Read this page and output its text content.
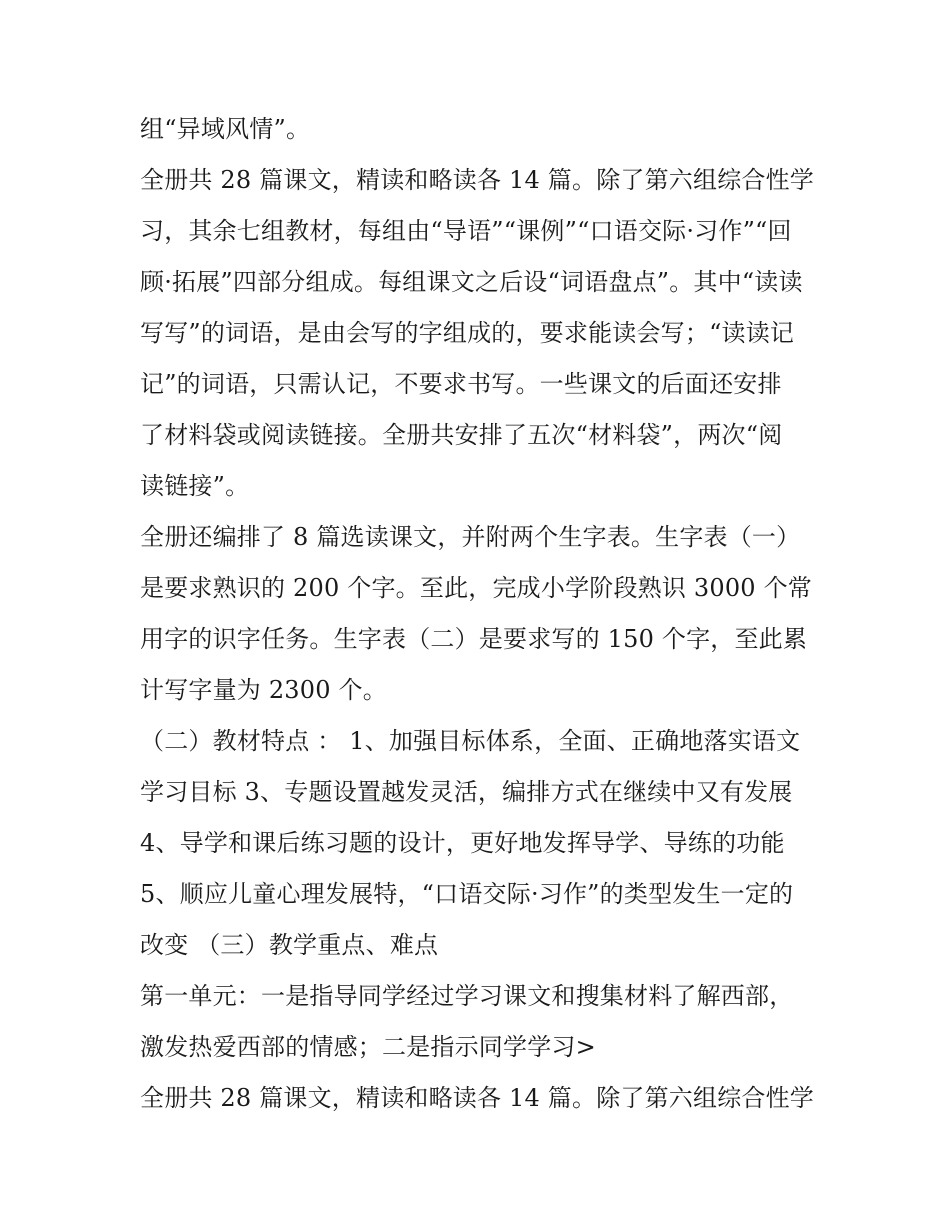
组“异域风情”。
全册共 28 篇课文，精读和略读各 14 篇。除了第六组综合性学
习，其余七组教材，每组由“导语”“课例”“口语交际·习作”“回
顾·拓展”四部分组成。每组课文之后设“词语盘点”。其中“读读
写写”的词语，是由会写的字组成的，要求能读会写；“读读记
记”的词语，只需认记，不要求书写。一些课文的后面还安排
了材料袋或阅读链接。全册共安排了五次“材料袋”，两次“阅
读链接”。
全册还编排了 8 篇选读课文，并附两个生字表。生字表（一）
是要求熟识的 200 个字。至此，完成小学阶段熟识 3000 个常
用字的识字任务。生字表（二）是要求写的 150 个字，至此累
计写字量为 2300 个。
（二）教材特点 ： 1、加强目标体系，全面、正确地落实语文
学习目标 3、专题设置越发灵活，编排方式在继续中又有发展
4、导学和课后练习题的设计，更好地发挥导学、导练的功能
5、顺应儿童心理发展特，“口语交际·习作”的类型发生一定的
改变 （三）教学重点、难点
第一单元：一是指导同学经过学习课文和搜集材料了解西部，
激发热爱西部的情感；二是指示同学学习>
全册共 28 篇课文，精读和略读各 14 篇。除了第六组综合性学
